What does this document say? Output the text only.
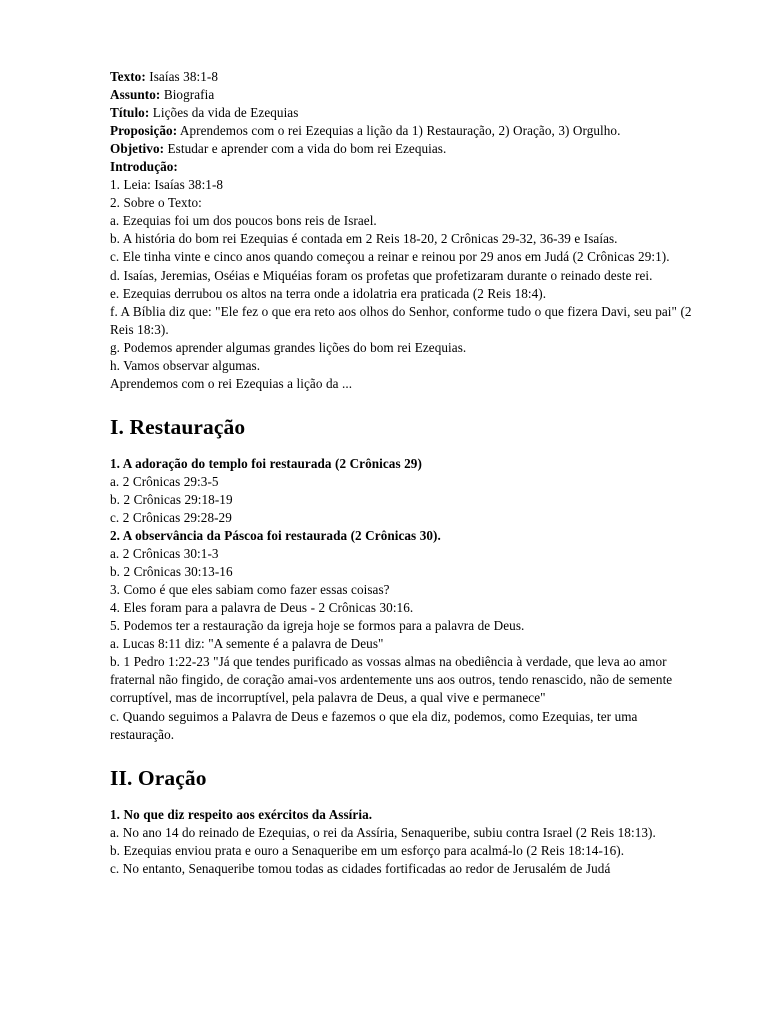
Texto: Isaías 38:1-8

Assunto: Biografia

Título: Lições da vida de Ezequias

Proposição: Aprendemos com o rei Ezequias a lição da 1) Restauração, 2) Oração, 3) Orgulho.

Objetivo: Estudar e aprender com a vida do bom rei Ezequias.

Introdução:

1. Leia: Isaías 38:1-8

2. Sobre o Texto:

a. Ezequias foi um dos poucos bons reis de Israel.

b. A história do bom rei Ezequias é contada em 2 Reis 18-20, 2 Crônicas 29-32, 36-39 e Isaías.

c. Ele tinha vinte e cinco anos quando começou a reinar e reinou por 29 anos em Judá (2 Crônicas 29:1).

d. Isaías, Jeremias, Oséias e Miquéias foram os profetas que profetizaram durante o reinado deste rei.

e. Ezequias derrubou os altos na terra onde a idolatria era praticada (2 Reis 18:4).

f. A Bíblia diz que: "Ele fez o que era reto aos olhos do Senhor, conforme tudo o que fizera Davi, seu pai" (2 Reis 18:3).

g. Podemos aprender algumas grandes lições do bom rei Ezequias.

h. Vamos observar algumas.

Aprendemos com o rei Ezequias a lição da ...

I. Restauração

1. A adoração do templo foi restaurada (2 Crônicas 29)

a. 2 Crônicas 29:3-5

b. 2 Crônicas 29:18-19

c. 2 Crônicas 29:28-29

2. A observância da Páscoa foi restaurada (2 Crônicas 30).

a. 2 Crônicas 30:1-3

b. 2 Crônicas 30:13-16

3. Como é que eles sabiam como fazer essas coisas?

4. Eles foram para a palavra de Deus - 2 Crônicas 30:16.

5. Podemos ter a restauração da igreja hoje se formos para a palavra de Deus.

a. Lucas 8:11 diz: "A semente é a palavra de Deus"

b. 1 Pedro 1:22-23 "Já que tendes purificado as vossas almas na obediência à verdade, que leva ao amor fraternal não fingido, de coração amai-vos ardentemente uns aos outros, tendo renascido, não de semente corruptível, mas de incorruptível, pela palavra de Deus, a qual vive e permanece"

c. Quando seguimos a Palavra de Deus e fazemos o que ela diz, podemos, como Ezequias, ter uma restauração.

II. Oração

1. No que diz respeito aos exércitos da Assíria.

a. No ano 14 do reinado de Ezequias, o rei da Assíria, Senaqueribe, subiu contra Israel (2 Reis 18:13).

b. Ezequias enviou prata e ouro a Senaqueribe em um esforço para acalmá-lo (2 Reis 18:14-16).

c. No entanto, Senaqueribe tomou todas as cidades fortificadas ao redor de Jerusalém de Judá
